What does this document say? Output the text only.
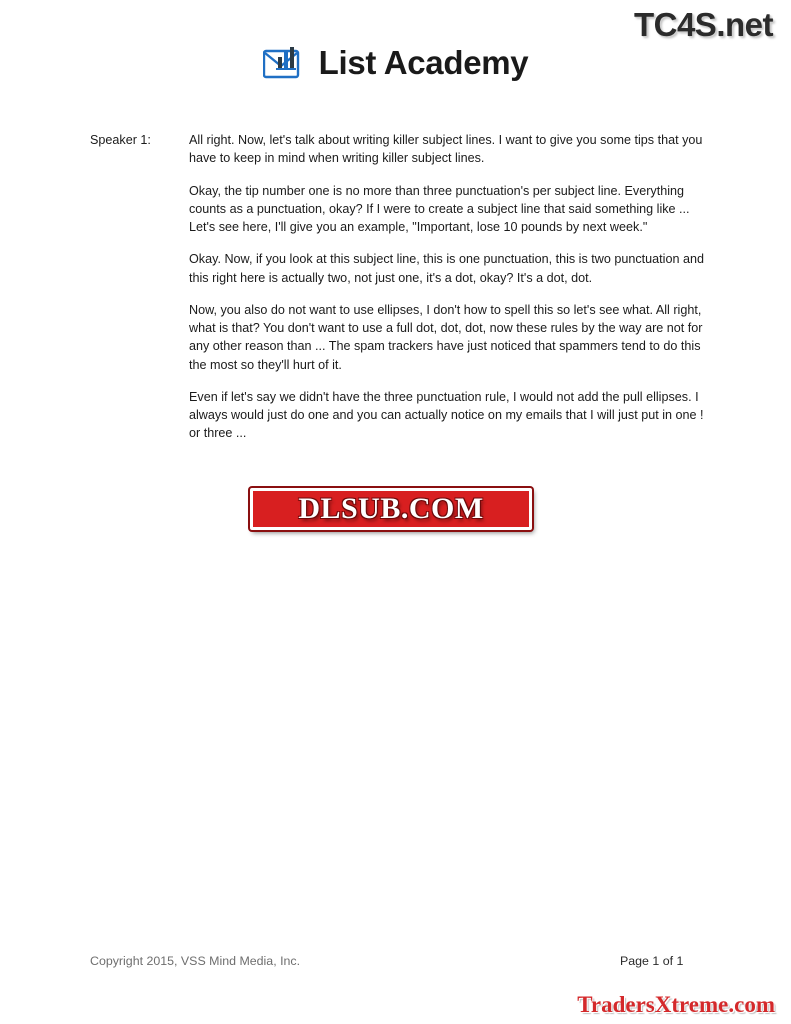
TC4S.net
List Academy
Speaker 1:	All right. Now, let's talk about writing killer subject lines. I want to give you some tips that you have to keep in mind when writing killer subject lines.

Okay, the tip number one is no more than three punctuation's per subject line. Everything counts as a punctuation, okay? If I were to create a subject line that said something like ... Let's see here, I'll give you an example, "Important, lose 10 pounds by next week."

Okay. Now, if you look at this subject line, this is one punctuation, this is two punctuation and this right here is actually two, not just one, it's a dot, okay? It's a dot, dot.

Now, you also do not want to use ellipses, I don't how to spell this so let's see what. All right, what is that? You don't want to use a full dot, dot, dot, now these rules by the way are not for any other reason than ... The spam trackers have just noticed that spammers tend to do this the most so they'll hurt of it.

Even if let's say we didn't have the three punctuation rule, I would not add the pull ellipses. I always would just do one and you can actually notice on my emails that I will just put in one ! or three ...

DLSUB.COM
Copyright 2015, VSS Mind Media, Inc.	Page 1 of 1
TradersXtreme.com
